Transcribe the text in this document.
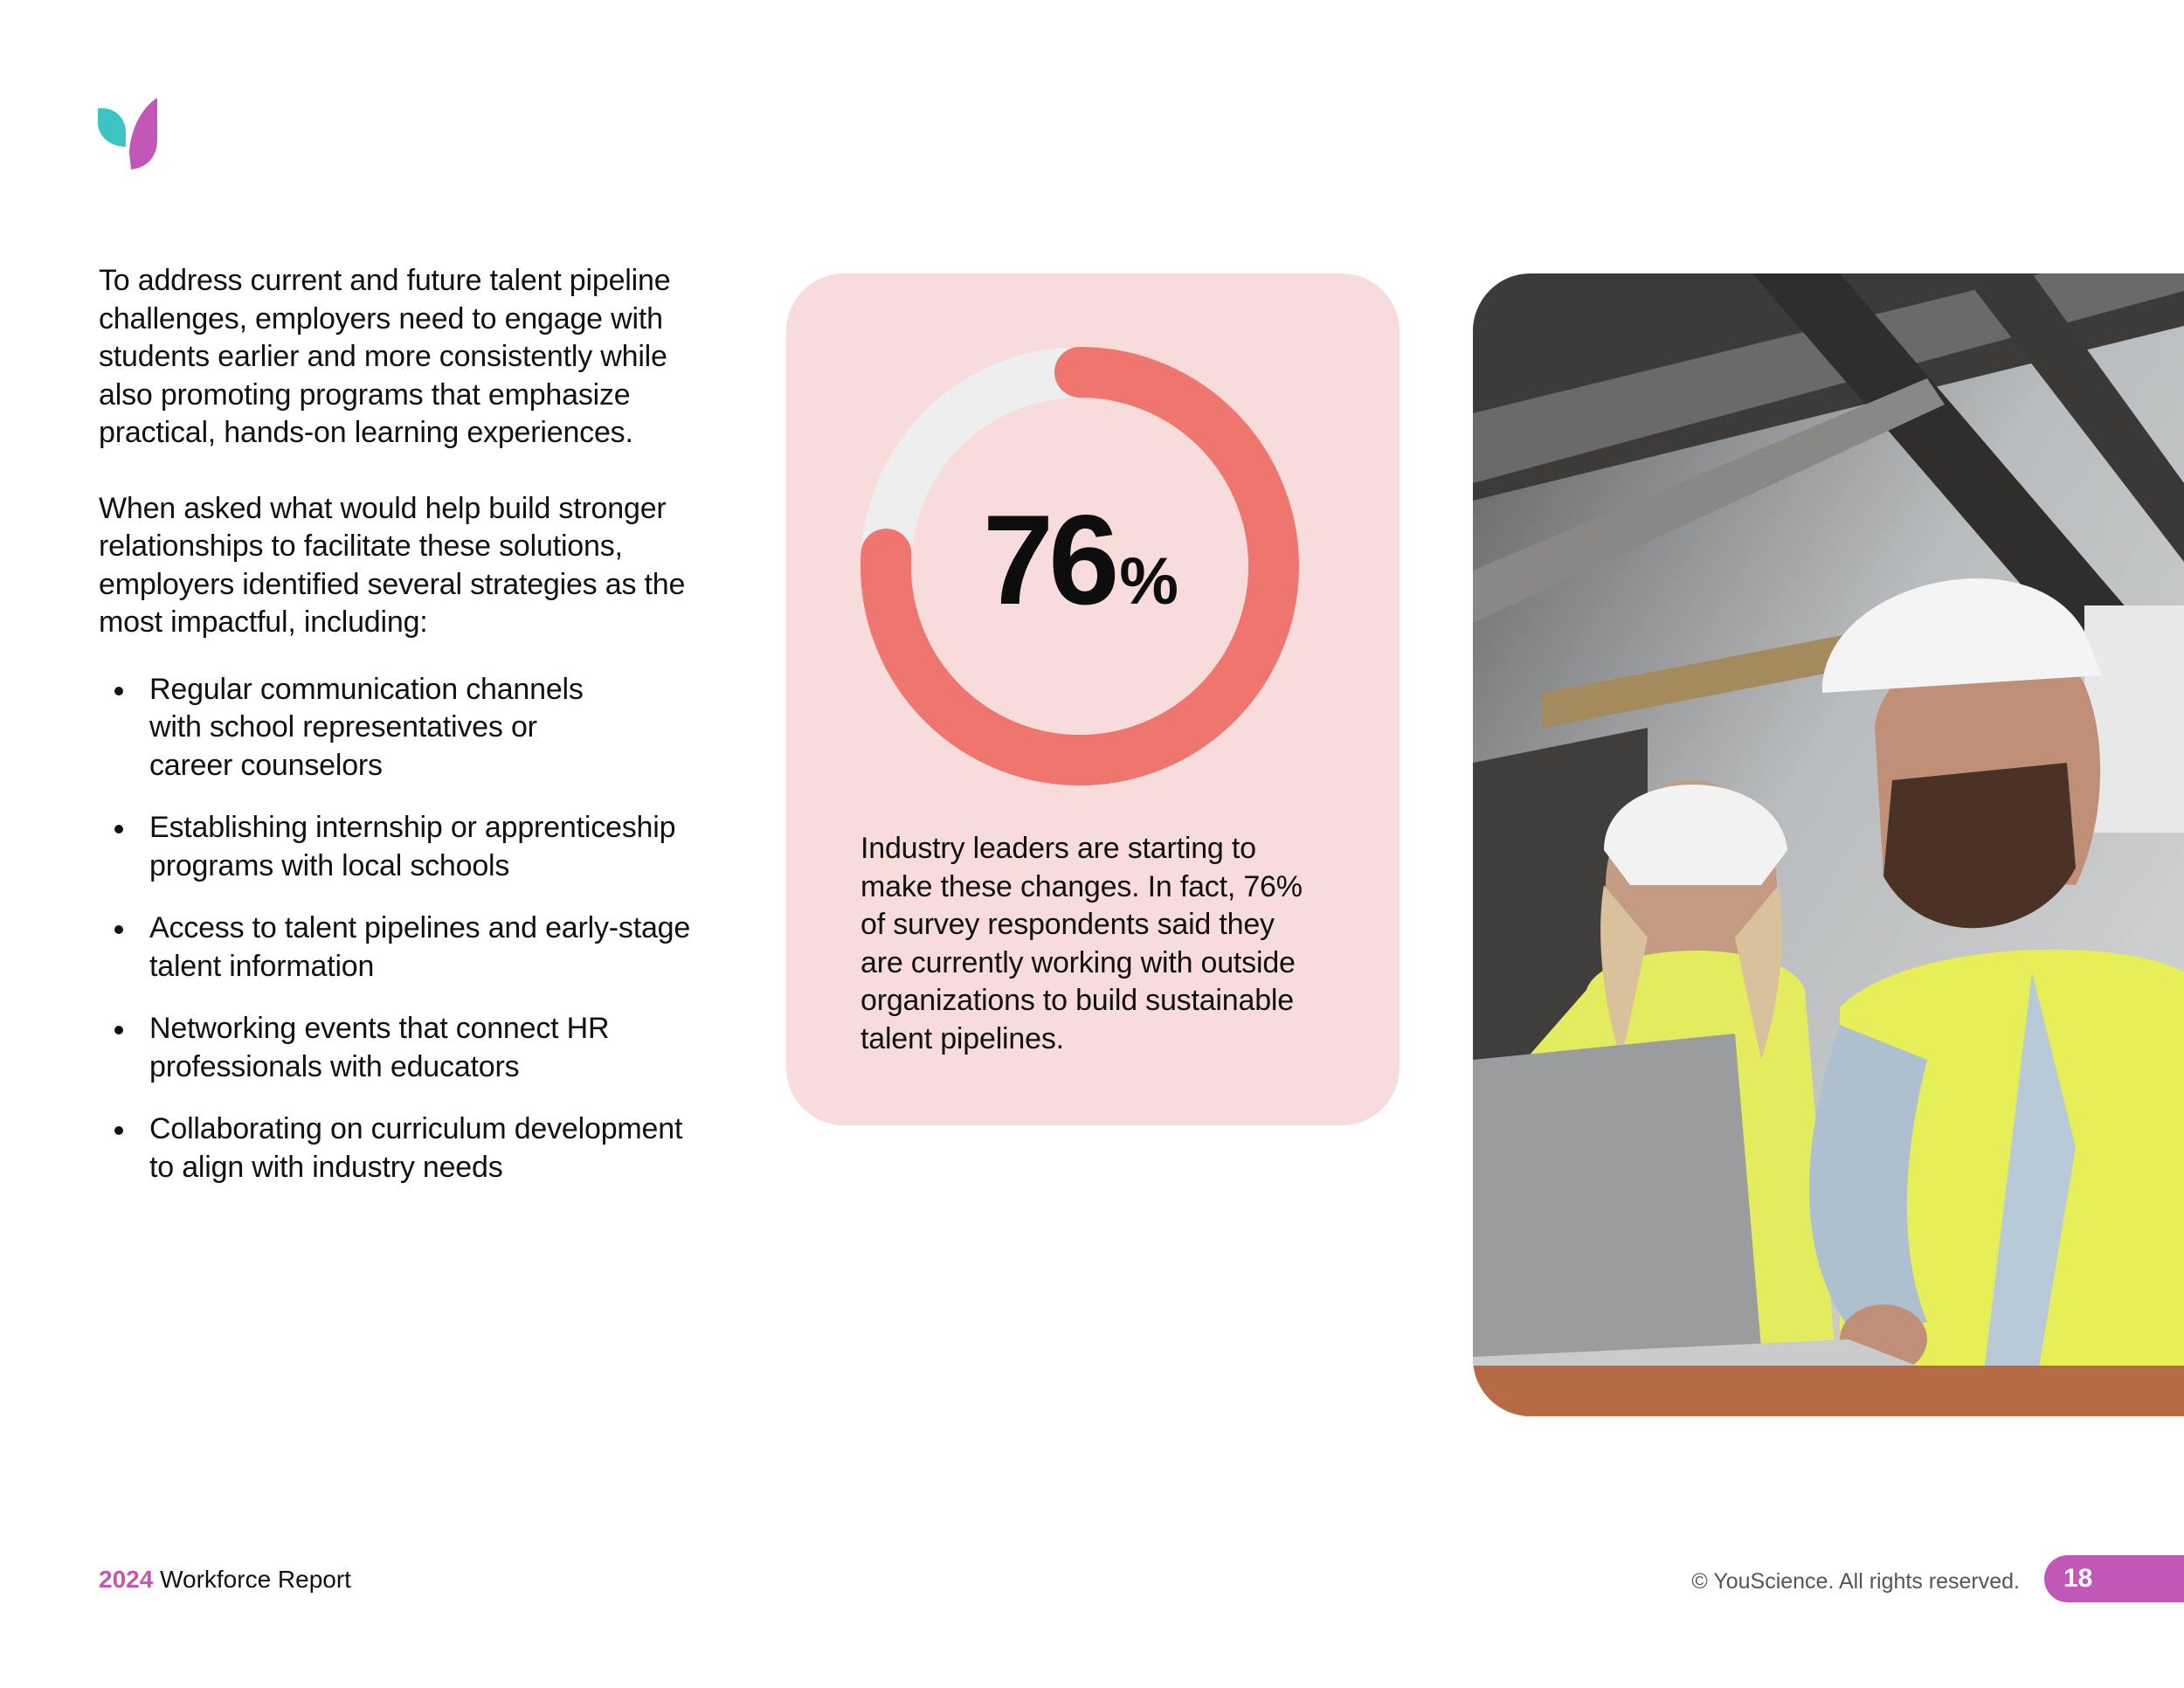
To address current and future talent pipeline challenges, employers need to engage with students earlier and more consistently while also promoting programs that emphasize practical, hands-on learning experiences.

When asked what would help build stronger relationships to facilitate these solutions, employers identified several strategies as the most impactful, including:

Regular communication channels
with school representatives or
career counselors
Establishing internship or apprenticeship
programs with local schools
Access to talent pipelines and early-stage
talent information
Networking events that connect HR
professionals with educators
Collaborating on curriculum development
to align with industry needs
76 %

Industry leaders are starting to
make these changes. In fact, 76%
of survey respondents said they
are currently working with outside
organizations to build sustainable
talent pipelines.

2024 Workforce Report	© YouScience. All rights reserved.	18
